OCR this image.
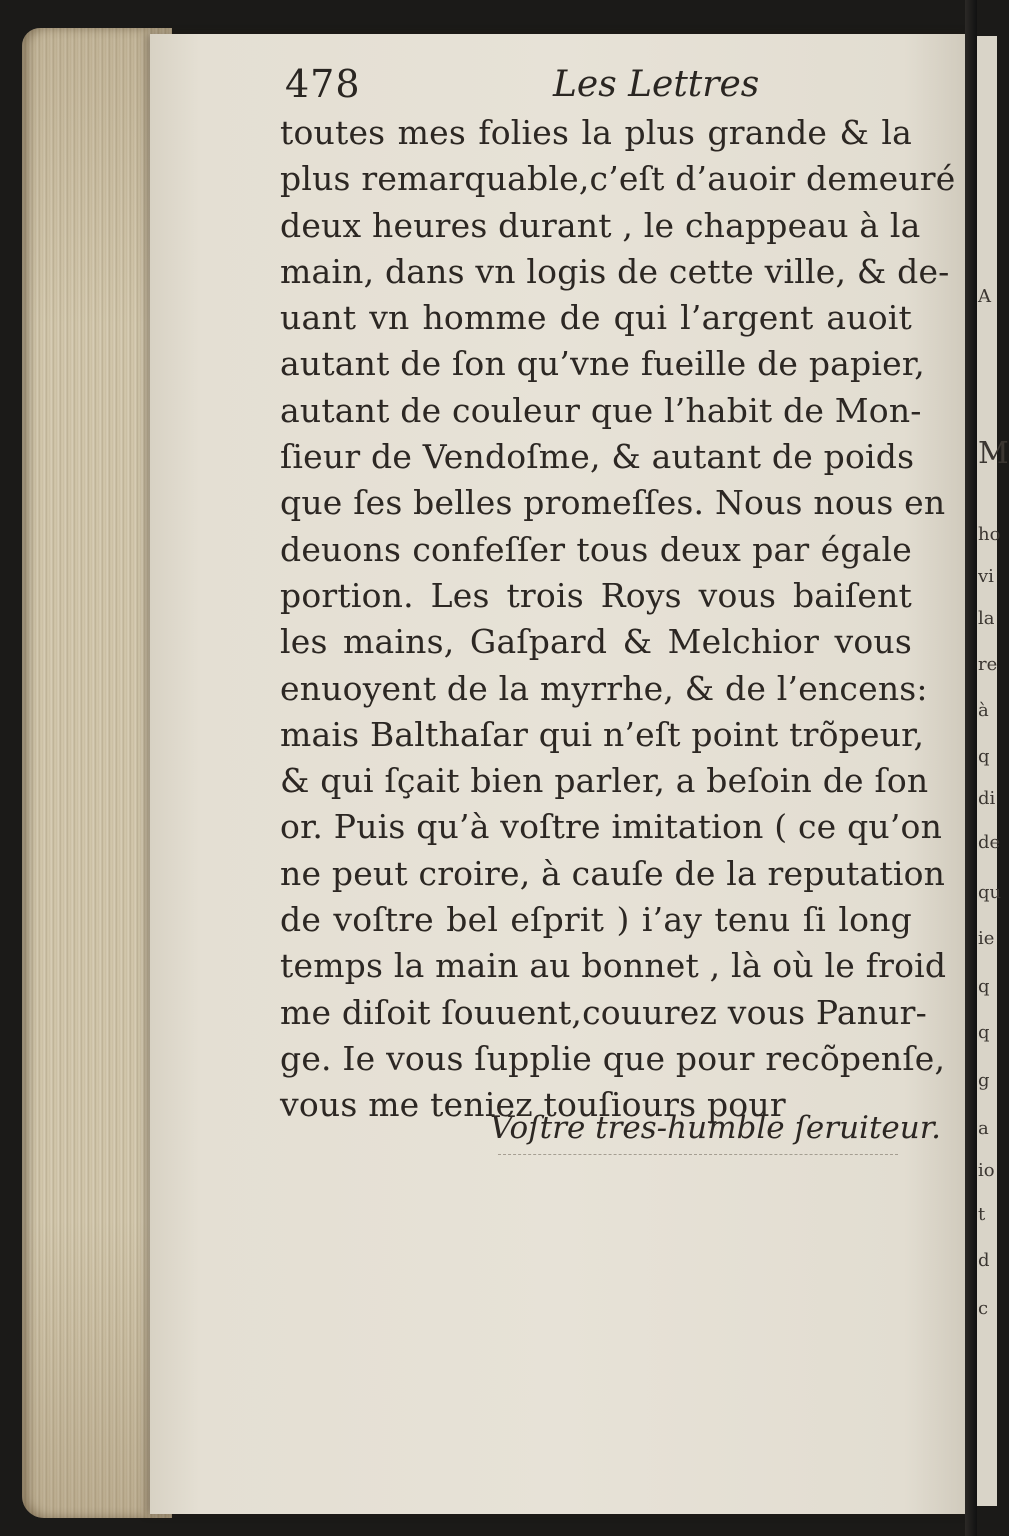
478	Les Lettres
toutes mes folies la plus grande & la
plus remarquable,c’eſt d’auoir demeuré
deux heures durant , le chappeau à la
main, dans vn logis de cette ville, & de-
uant vn homme de qui l’argent auoit
autant de ſon qu’vne fueille de papier,
autant de couleur que l’habit de Mon-
ſieur de Vendoſme, & autant de poids
que ſes belles promeſſes. Nous nous en
deuons confeſſer tous deux par égale
portion. Les trois Roys vous baiſent
les mains, Gaſpard & Melchior vous
enuoyent de la myrrhe, & de l’encens:
mais Balthaſar qui n’eſt point trõpeur,
& qui ſçait bien parler, a beſoin de ſon
or. Puis qu’à voſtre imitation ( ce qu’on
ne peut croire, à cauſe de la reputation
de voſtre bel eſprit ) i’ay tenu ſi long
temps la main au bonnet , là où le froid
me diſoit ſouuent,couurez vous Panur-
ge. Ie vous ſupplie que pour recõpenſe,
vous me teniez touſiours pour
Voſtre tres-humble ſeruiteur.
A
M
ho
vi
la
re
à
q
di
de
qu
ie
q
q
g
a
io
t
d
c
